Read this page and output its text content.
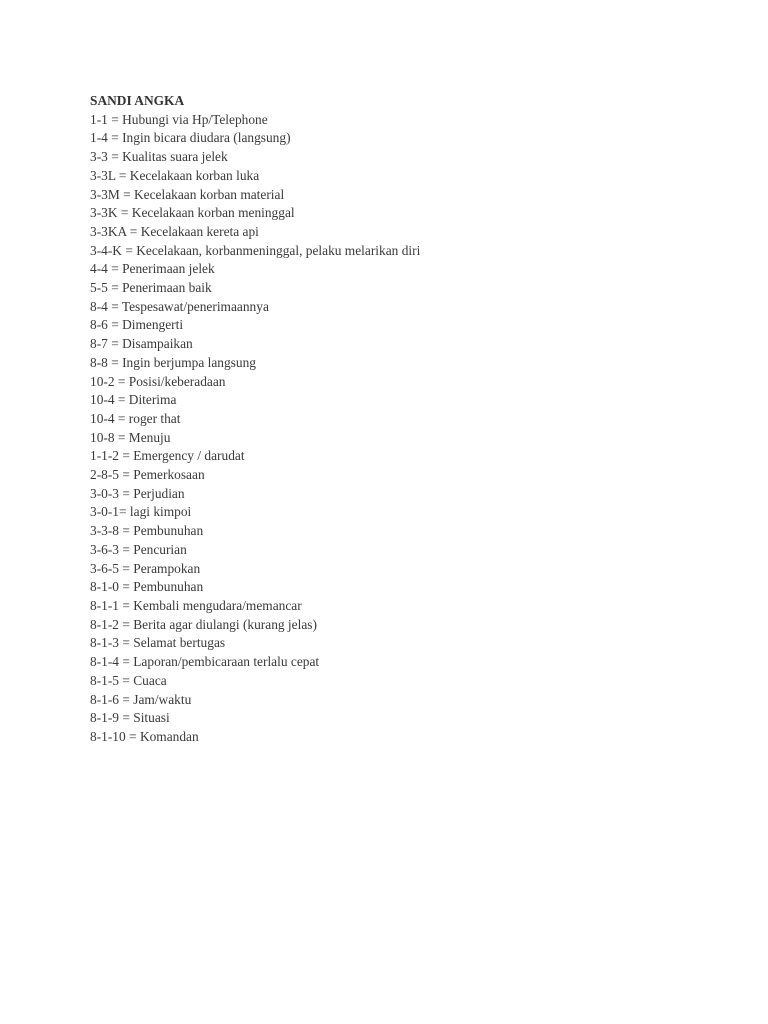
SANDI ANGKA
1-1 = Hubungi via Hp/Telephone
1-4 = Ingin bicara diudara (langsung)
3-3 = Kualitas suara jelek
3-3L = Kecelakaan korban luka
3-3M = Kecelakaan korban material
3-3K = Kecelakaan korban meninggal
3-3KA = Kecelakaan kereta api
3-4-K = Kecelakaan, korbanmeninggal, pelaku melarikan diri
4-4 = Penerimaan jelek
5-5 = Penerimaan baik
8-4 = Tespesawat/penerimaannya
8-6 = Dimengerti
8-7 = Disampaikan
8-8 = Ingin berjumpa langsung
10-2 = Posisi/keberadaan
10-4 = Diterima
10-4 = roger that
10-8 = Menuju
1-1-2 = Emergency / darudat
2-8-5 = Pemerkosaan
3-0-3 = Perjudian
3-0-1= lagi kimpoi
3-3-8 = Pembunuhan
3-6-3 = Pencurian
3-6-5 = Perampokan
8-1-0 = Pembunuhan
8-1-1 = Kembali mengudara/memancar
8-1-2 = Berita agar diulangi (kurang jelas)
8-1-3 = Selamat bertugas
8-1-4 = Laporan/pembicaraan terlalu cepat
8-1-5 = Cuaca
8-1-6 = Jam/waktu
8-1-9 = Situasi
8-1-10 = Komandan
